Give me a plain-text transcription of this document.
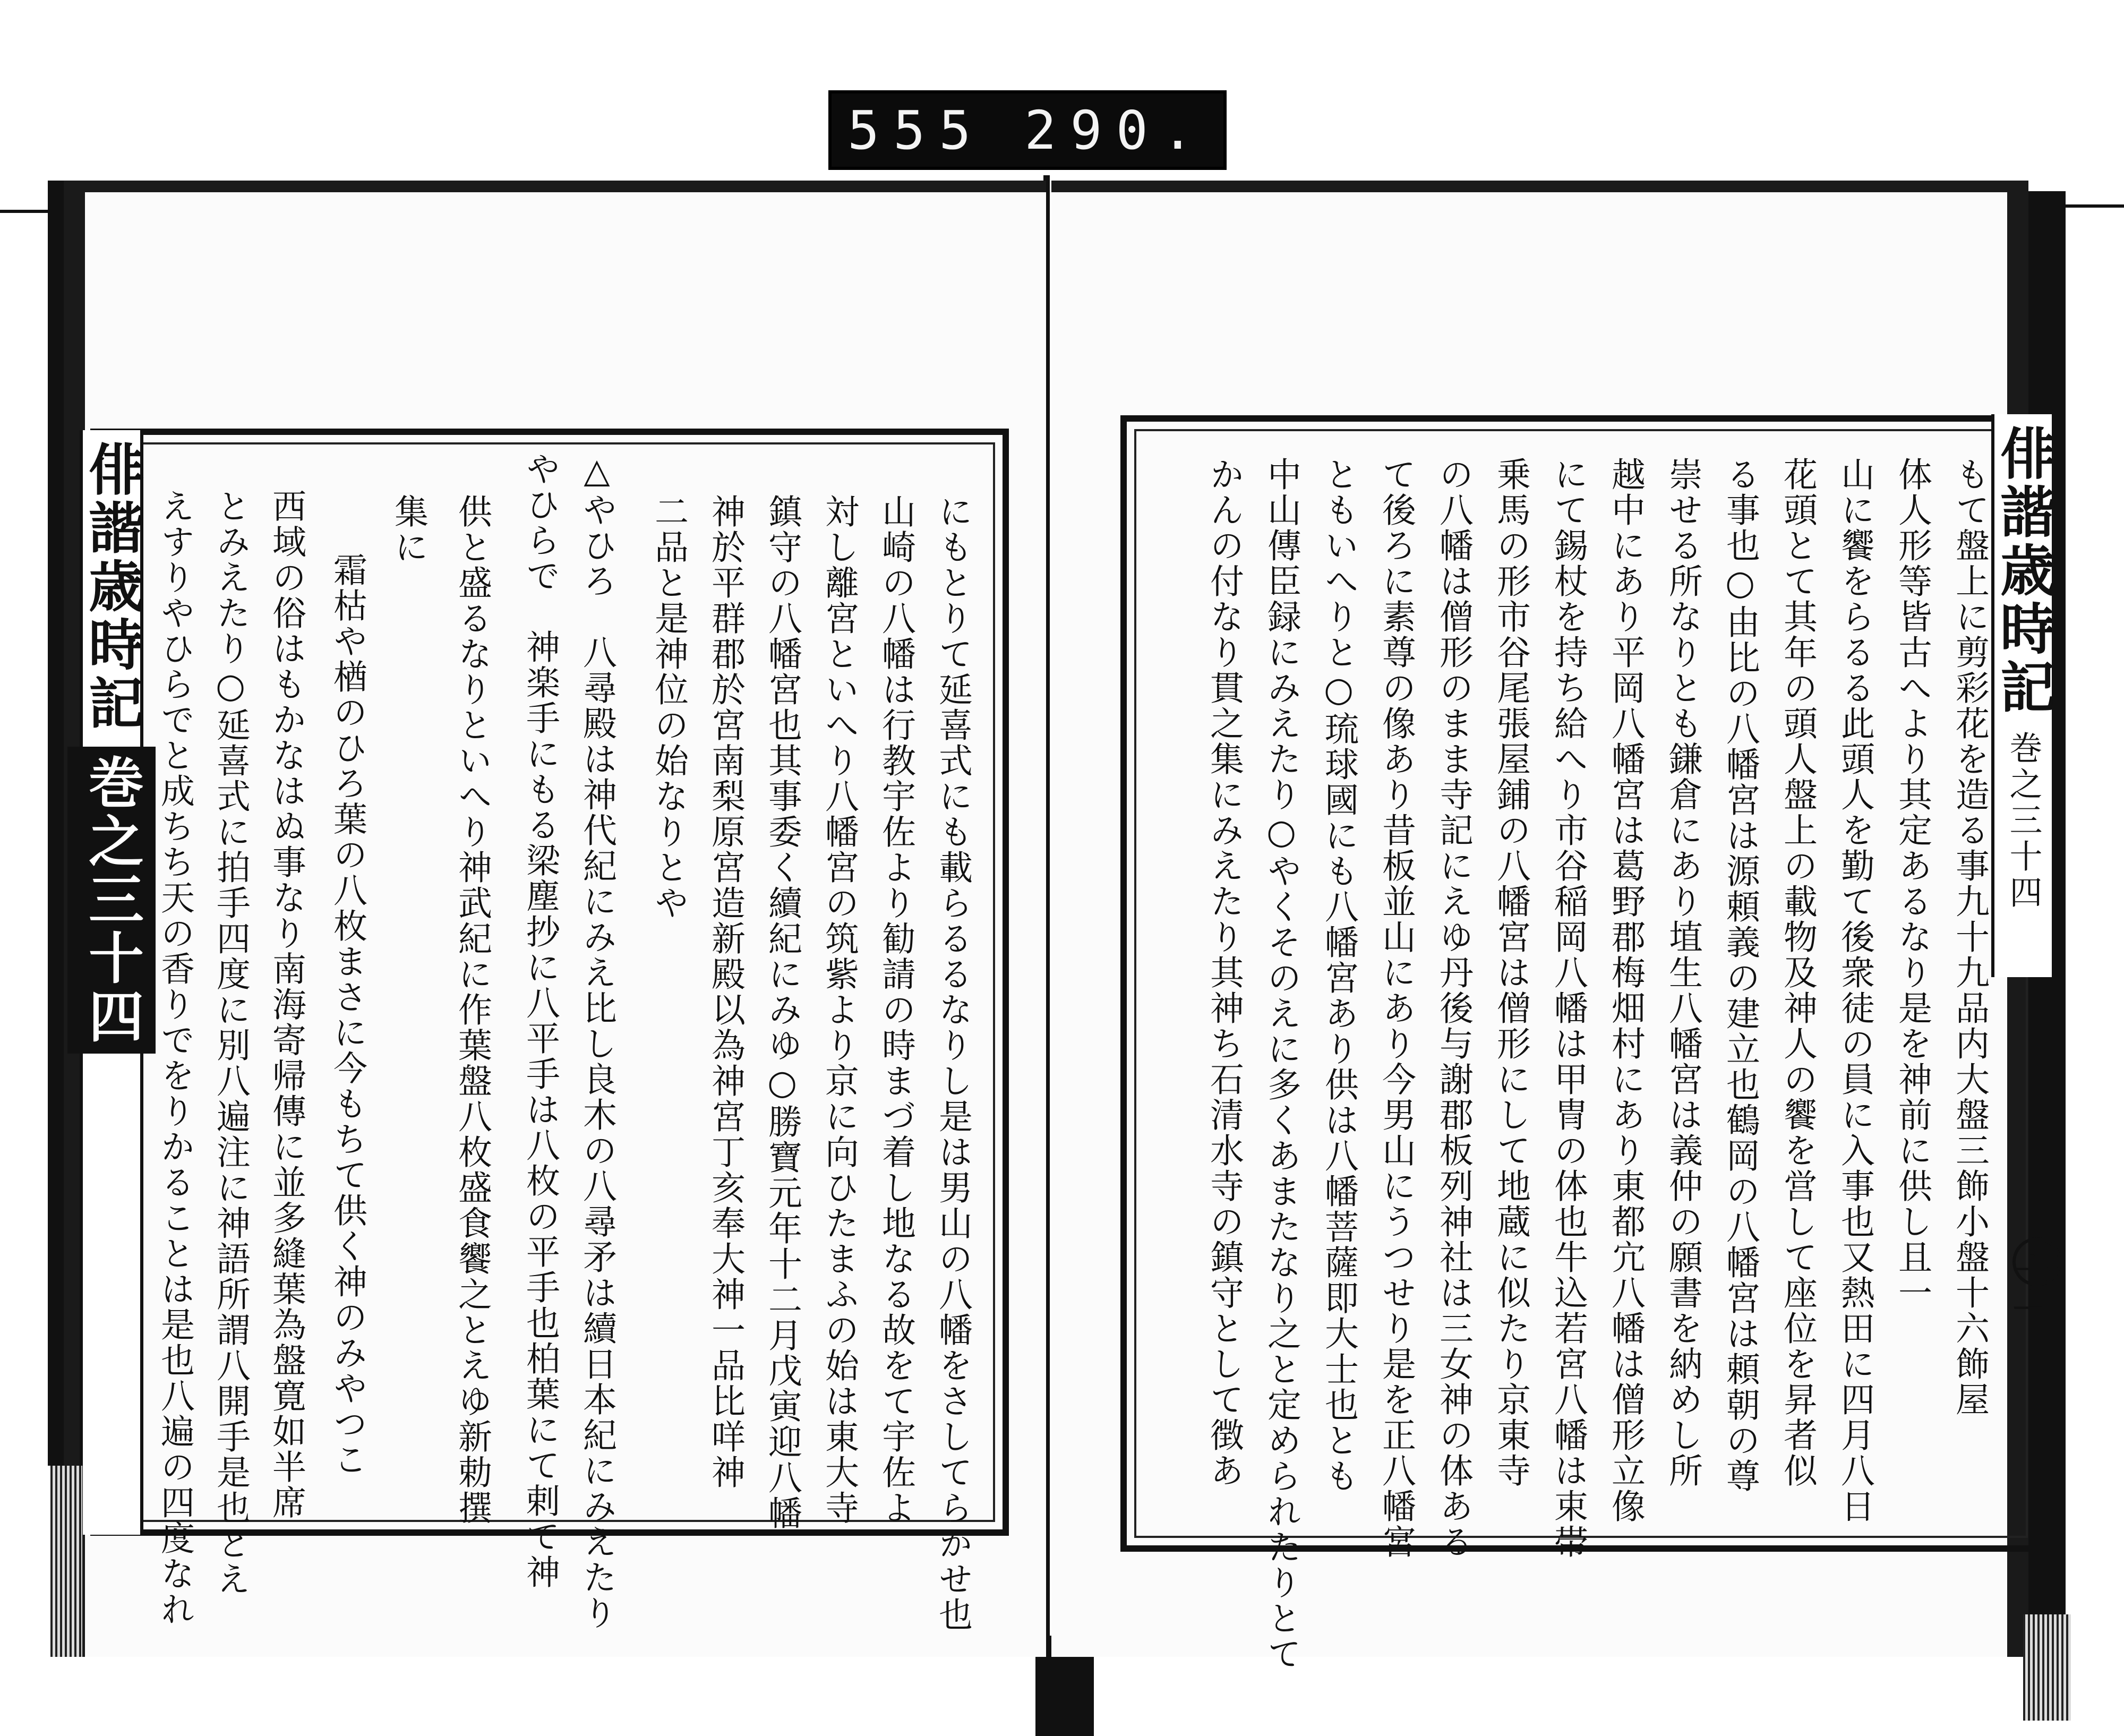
555 290.
俳諧歳時記
巻之三十四	にもとりて延喜式にも載らるるなりし是は男山の八幡をさしてらかせ也
山崎の八幡は行教宇佐より勧請の時まづ着し地なる故をて宇佐よ
対し離宮といへり八幡宮の筑紫より京に向ひたまふの始は東大寺
鎮守の八幡宮也其事委く續紀にみゆ○勝寶元年十二月戊寅迎八幡
神於平群郡於宮南梨原宮造新殿以為神宮丁亥奉大神一品比咩神
二品と是神位の始なりとや
△やひろ　八尋殿は神代紀にみえ比し良木の八尋矛は續日本紀にみえたり
やひらで　神楽手にもる梁塵抄に八平手は八枚の平手也柏葉にて剌て神
供と盛るなりといへり神武紀に作葉盤八枚盛食饗之とえゆ新勅撰
集に
霜枯や楢のひろ葉の八枚まさに今もちて供く神のみやつこ
西域の俗はもかなはぬ事なり南海寄帰傳に並多縫葉為盤寛如半席
とみえたり○延喜式に拍手四度に別八遍注に神語所謂八開手是也とえ
えすりやひらでと成ちち天の香りでをりかることは是也八遍の四度なれ	俳諧歳時記
巻之三十四
十一
もて盤上に剪彩花を造る事九十九品内大盤三飾小盤十六飾屋
体人形等皆古へより其定あるなり是を神前に供し且一
山に饗をらるる此頭人を勤て後衆徒の員に入事也又熱田に四月八日
花頭とて其年の頭人盤上の載物及神人の饗を営して座位を昇者似
る事也○由比の八幡宮は源頼義の建立也鶴岡の八幡宮は頼朝の尊
崇せる所なりとも鎌倉にあり埴生八幡宮は義仲の願書を納めし所
越中にあり平岡八幡宮は葛野郡梅畑村にあり東都宂八幡は僧形立像
にて錫杖を持ち給へり市谷稲岡八幡は甲冑の体也牛込若宮八幡は束帯
乗馬の形市谷尾張屋鋪の八幡宮は僧形にして地蔵に似たり京東寺
の八幡は僧形のまま寺記にえゆ丹後与謝郡板列神社は三女神の体ある
て後ろに素尊の像あり昔板並山にあり今男山にうつせり是を正八幡宮
ともいへりと○琉球國にも八幡宮あり供は八幡菩薩即大士也とも
中山傳臣録にみえたり○やくそのえに多くあまたなり之と定められたりとて
かんの付なり貫之集にみえたり其神ち石清水寺の鎮守として徴あ
